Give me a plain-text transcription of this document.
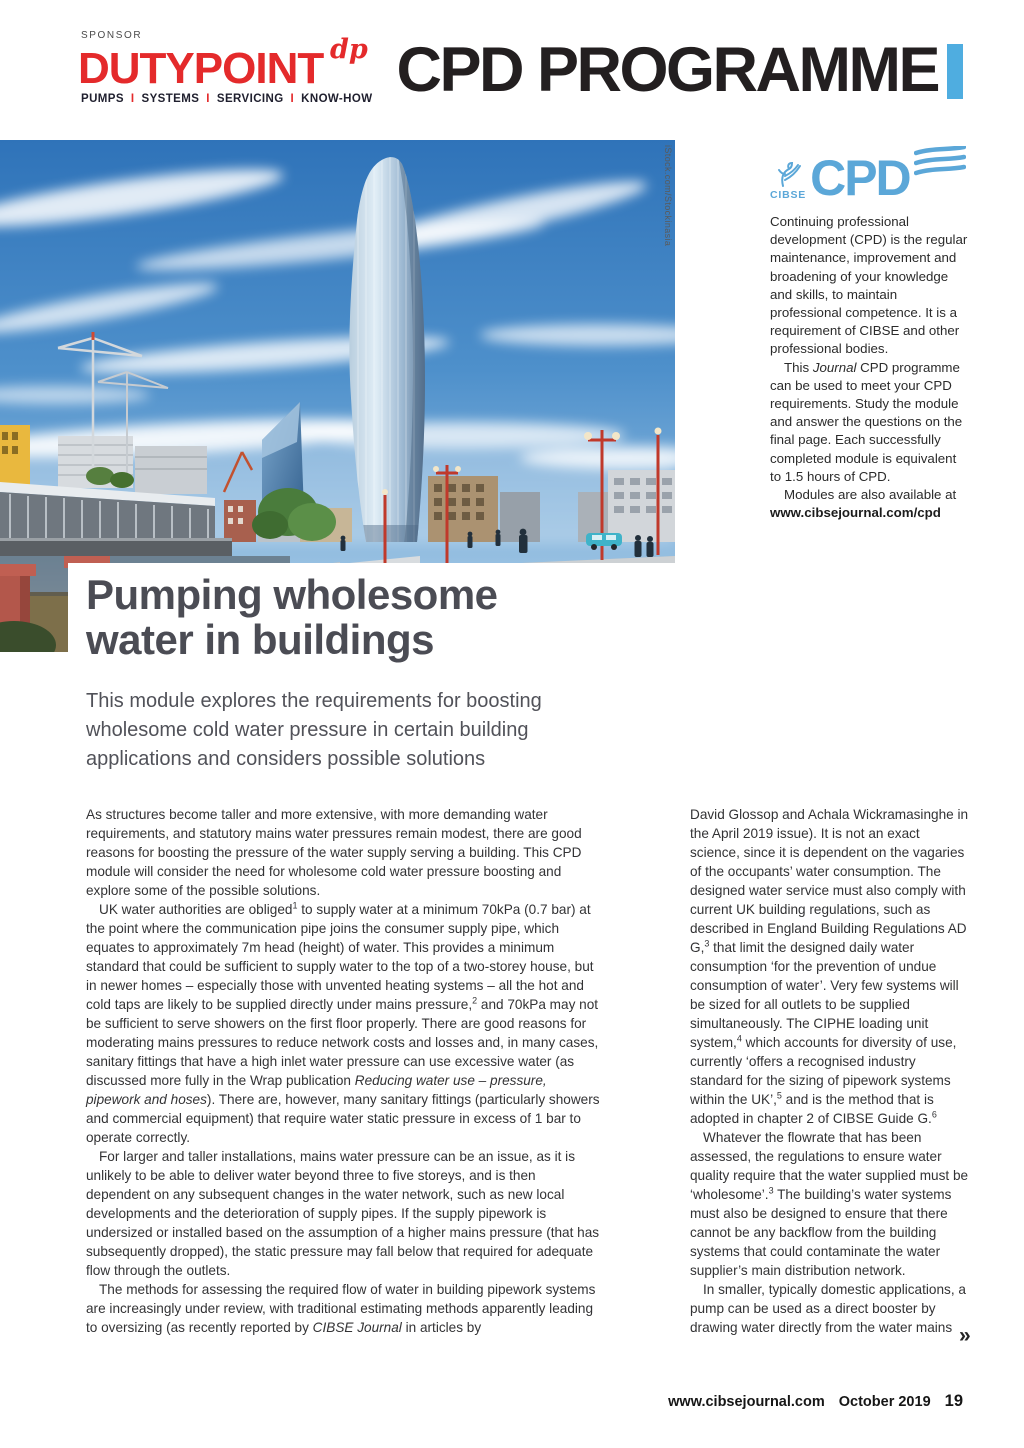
SPONSOR
DUTYPOINT dp
PUMPS I SYSTEMS I SERVICING I KNOW-HOW CPD PROGRAMME
iStock.com/Stockinasia	CIBSE CPD

Continuing professional development (CPD) is the regular maintenance, improvement and broadening of your knowledge and skills, to maintain professional competence. It is a requirement of CIBSE and other professional bodies.

This Journal CPD programme can be used to meet your CPD requirements. Study the module and answer the questions on the final page. Each successfully completed module is equivalent to 1.5 hours of CPD.

Modules are also available at www.cibsejournal.com/cpd

Pumping wholesome
water in buildings
This module explores the requirements for boosting wholesome cold water pressure in certain building applications and considers possible solutions

As structures become taller and more extensive, with more demanding water requirements, and statutory mains water pressures remain modest, there are good reasons for boosting the pressure of the water supply serving a building. This CPD module will consider the need for wholesome cold water pressure boosting and explore some of the possible solutions.

UK water authorities are obliged$^1$ to supply water at a minimum 70kPa (0.7 bar) at the point where the communication pipe joins the consumer supply pipe, which equates to approximately 7m head (height) of water. This provides a minimum standard that could be sufficient to supply water to the top of a two-storey house, but in newer homes – especially those with unvented heating systems – all the hot and cold taps are likely to be supplied directly under mains pressure,$^2$ and 70kPa may not be sufficient to serve showers on the first floor properly. There are good reasons for moderating mains pressures to reduce network costs and losses and, in many cases, sanitary fittings that have a high inlet water pressure can use excessive water (as discussed more fully in the Wrap publication Reducing water use – pressure, pipework and hoses). There are, however, many sanitary fittings (particularly showers and commercial equipment) that require water static pressure in excess of 1 bar to operate correctly.

For larger and taller installations, mains water pressure can be an issue, as it is unlikely to be able to deliver water beyond three to five storeys, and is then dependent on any subsequent changes in the water network, such as new local developments and the deterioration of supply pipes. If the supply pipework is undersized or installed based on the assumption of a higher mains pressure (that has subsequently dropped), the static pressure may fall below that required for adequate flow through the outlets.

The methods for assessing the required flow of water in building pipework systems are increasingly under review, with traditional estimating methods apparently leading to oversizing (as recently reported by CIBSE Journal in articles by

David Glossop and Achala Wickramasinghe in the April 2019 issue). It is not an exact science, since it is dependent on the vagaries of the occupants’ water consumption. The designed water service must also comply with current UK building regulations, such as described in England Building Regulations AD G,$^3$ that limit the designed daily water consumption ‘for the prevention of undue consumption of water’. Very few systems will be sized for all outlets to be supplied simultaneously. The CIPHE loading unit system,$^4$ which accounts for diversity of use, currently ‘offers a recognised industry standard for the sizing of pipework systems within the UK’,$^5$ and is the method that is adopted in chapter 2 of CIBSE Guide G.$^6$

Whatever the flowrate that has been assessed, the regulations to ensure water quality require that the water supplied must be ‘wholesome’.$^3$ The building’s water systems must also be designed to ensure that there cannot be any backflow from the building systems that could contaminate the water supplier’s main distribution network.

In smaller, typically domestic applications, a pump can be used as a direct booster by drawing water directly from the water mains »
www.cibsejournal.com October 2019 19
